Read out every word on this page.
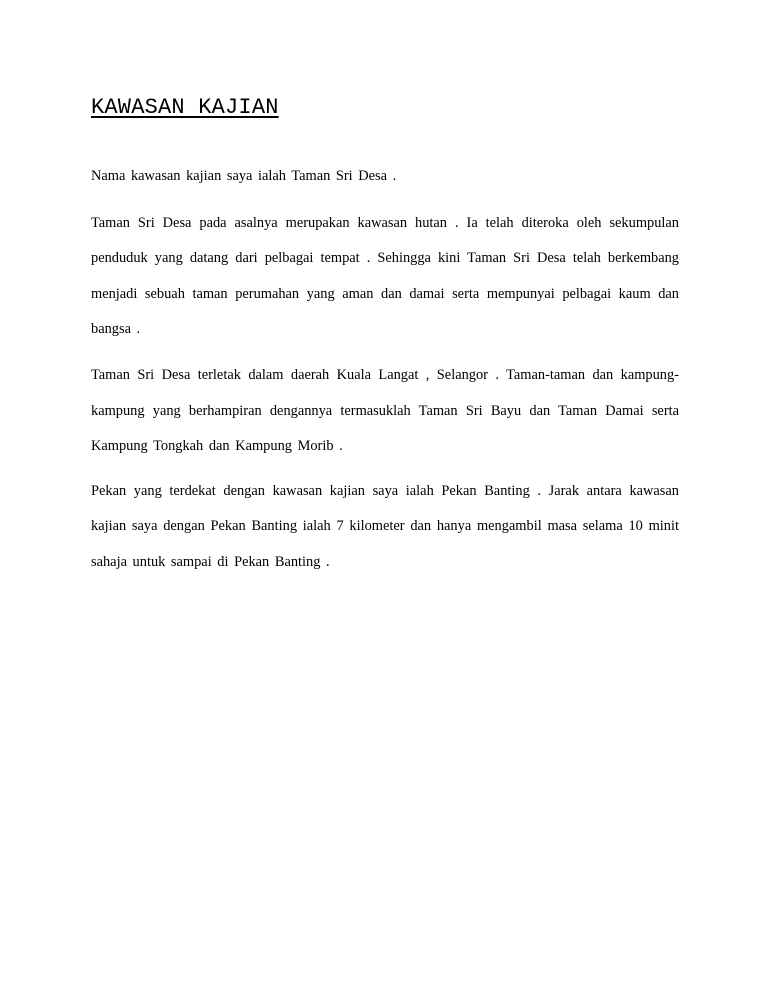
KAWASAN KAJIAN

Nama kawasan kajian saya ialah Taman Sri Desa .

Taman Sri Desa pada asalnya merupakan kawasan hutan . Ia telah diteroka oleh sekumpulan penduduk yang datang dari pelbagai tempat . Sehingga kini Taman Sri Desa telah berkembang menjadi sebuah taman perumahan yang aman dan damai serta mempunyai pelbagai kaum dan bangsa .

Taman Sri Desa terletak dalam daerah Kuala Langat , Selangor . Taman-taman dan kampung-kampung yang berhampiran dengannya termasuklah Taman Sri Bayu dan Taman Damai serta Kampung Tongkah dan Kampung Morib .

Pekan yang terdekat dengan kawasan kajian saya ialah Pekan Banting . Jarak antara kawasan kajian saya dengan Pekan Banting ialah 7 kilometer dan hanya mengambil masa selama 10 minit sahaja untuk sampai di Pekan Banting .
